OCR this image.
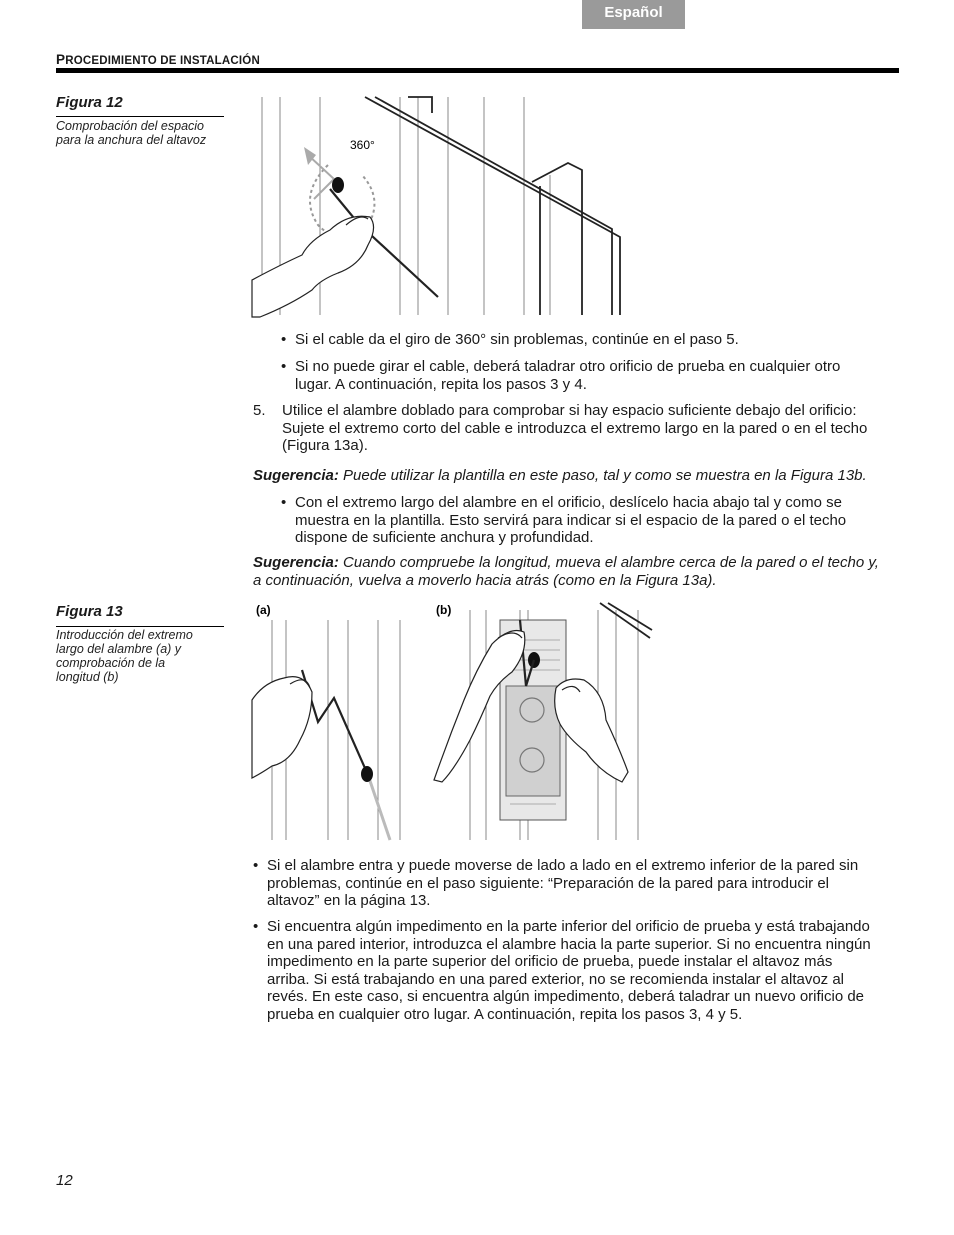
Español
PROCEDIMIENTO DE INSTALACIÓN
Figura 12
Comprobación del espacio
para la anchura del altavoz	360°
• Si el cable da el giro de 360° sin problemas, continúe en el paso 5.
• Si no puede girar el cable, deberá taladrar otro orificio de prueba en cualquier otro
lugar. A continuación, repita los pasos 3 y 4.
5. Utilice el alambre doblado para comprobar si hay espacio suficiente debajo del orificio:
Sujete el extremo corto del cable e introduzca el extremo largo en la pared o en el techo
(Figura 13a).
Sugerencia: Puede utilizar la plantilla en este paso, tal y como se muestra en la Figura 13b.
• Con el extremo largo del alambre en el orificio, deslícelo hacia abajo tal y como se
muestra en la plantilla. Esto servirá para indicar si el espacio de la pared o el techo
dispone de suficiente anchura y profundidad.
Sugerencia: Cuando compruebe la longitud, mueva el alambre cerca de la pared o el techo y,
a continuación, vuelva a moverlo hacia atrás (como en la Figura 13a).
Figura 13
Introducción del extremo
largo del alambre (a) y
comprobación de la
longitud (b)
(a)	(b)
• Si el alambre entra y puede moverse de lado a lado en el extremo inferior de la pared sin
problemas, continúe en el paso siguiente: “Preparación de la pared para introducir el
altavoz” en la página 13.
• Si encuentra algún impedimento en la parte inferior del orificio de prueba y está trabajando
en una pared interior, introduzca el alambre hacia la parte superior. Si no encuentra ningún
impedimento en la parte superior del orificio de prueba, puede instalar el altavoz más
arriba. Si está trabajando en una pared exterior, no se recomienda instalar el altavoz al
revés. En este caso, si encuentra algún impedimento, deberá taladrar un nuevo orificio de
prueba en cualquier otro lugar. A continuación, repita los pasos 3, 4 y 5.
12
